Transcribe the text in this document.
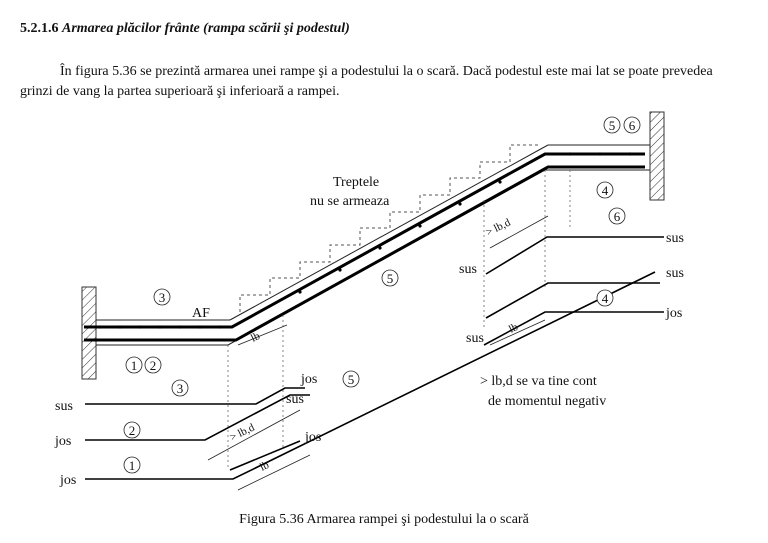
5.2.1.6 Armarea plăcilor frânte (rampa scării şi podestul)

În figura 5.36 se prezintă armarea unei rampe şi a podestului la o scară. Dacă podestul este mai lat se poate prevedea grinzi de vang la partea superioară şi inferioară a rampei.

3
1 2
5
5 6
4
6
4
3
5
2
1
Treptele
nu se armeaza
AF
sus
sus
jos
sus
sus
jos
sus
jos
sus
jos
jos
> lb,d
> lb,d
lb
lb
lb
> lb,d se va tine cont
de momentul negativ
Figura 5.36 Armarea rampei şi podestului la o scară
